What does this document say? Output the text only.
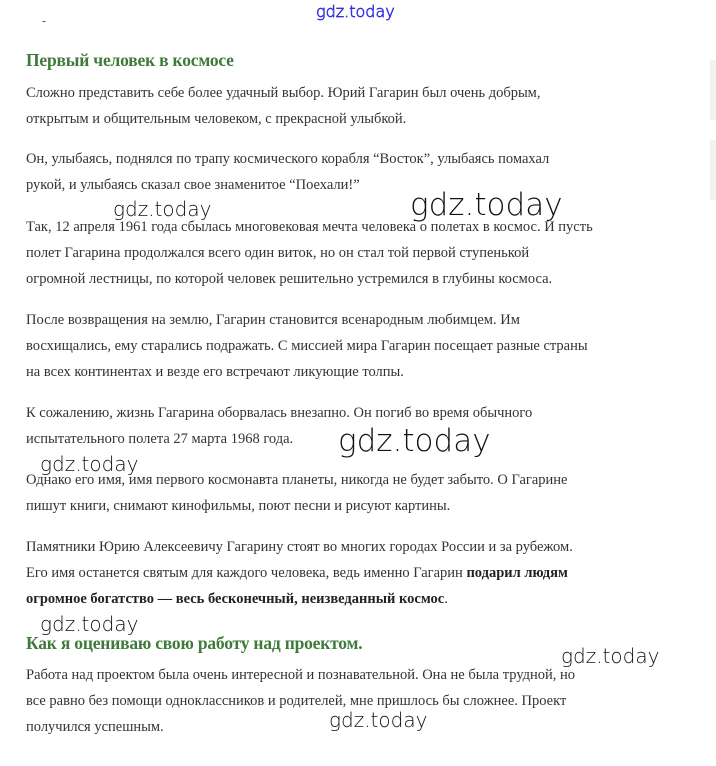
-
Первый человек в космосе
Сложно представить себе более удачный выбор. Юрий Гагарин был очень добрым,
открытым и общительным человеком, с прекрасной улыбкой.
Он, улыбаясь, поднялся по трапу космического корабля “Восток”, улыбаясь помахал
рукой, и улыбаясь сказал свое знаменитое “Поехали!”
Так, 12 апреля 1961 года сбылась многовековая мечта человека о полетах в космос. И пусть
полет Гагарина продолжался всего один виток, но он стал той первой ступенькой
огромной лестницы, по которой человек решительно устремился в глубины космоса.
После возвращения на землю, Гагарин становится всенародным любимцем. Им
восхищались, ему старались подражать. С миссией мира Гагарин посещает разные страны
на всех континентах и везде его встречают ликующие толпы.
К сожалению, жизнь Гагарина оборвалась внезапно. Он погиб во время обычного
испытательного полета 27 марта 1968 года.
Однако его имя, имя первого космонавта планеты, никогда не будет забыто. О Гагарине
пишут книги, снимают кинофильмы, поют песни и рисуют картины.
Памятники Юрию Алексеевичу Гагарину стоят во многих городах России и за рубежом.
Его имя останется святым для каждого человека, ведь именно Гагарин подарил людям
огромное богатство — весь бесконечный, неизведанный космос.
Как я оцениваю свою работу над проектом.
Работа над проектом была очень интересной и познавательной. Она не была трудной, но
все равно без помощи одноклассников и родителей, мне пришлось бы сложнее. Проект
получился успешным.
gdz.today
gdz.today	gdz.today
gdz.today
gdz.today
gdz.today
gdz.today
gdz.today
